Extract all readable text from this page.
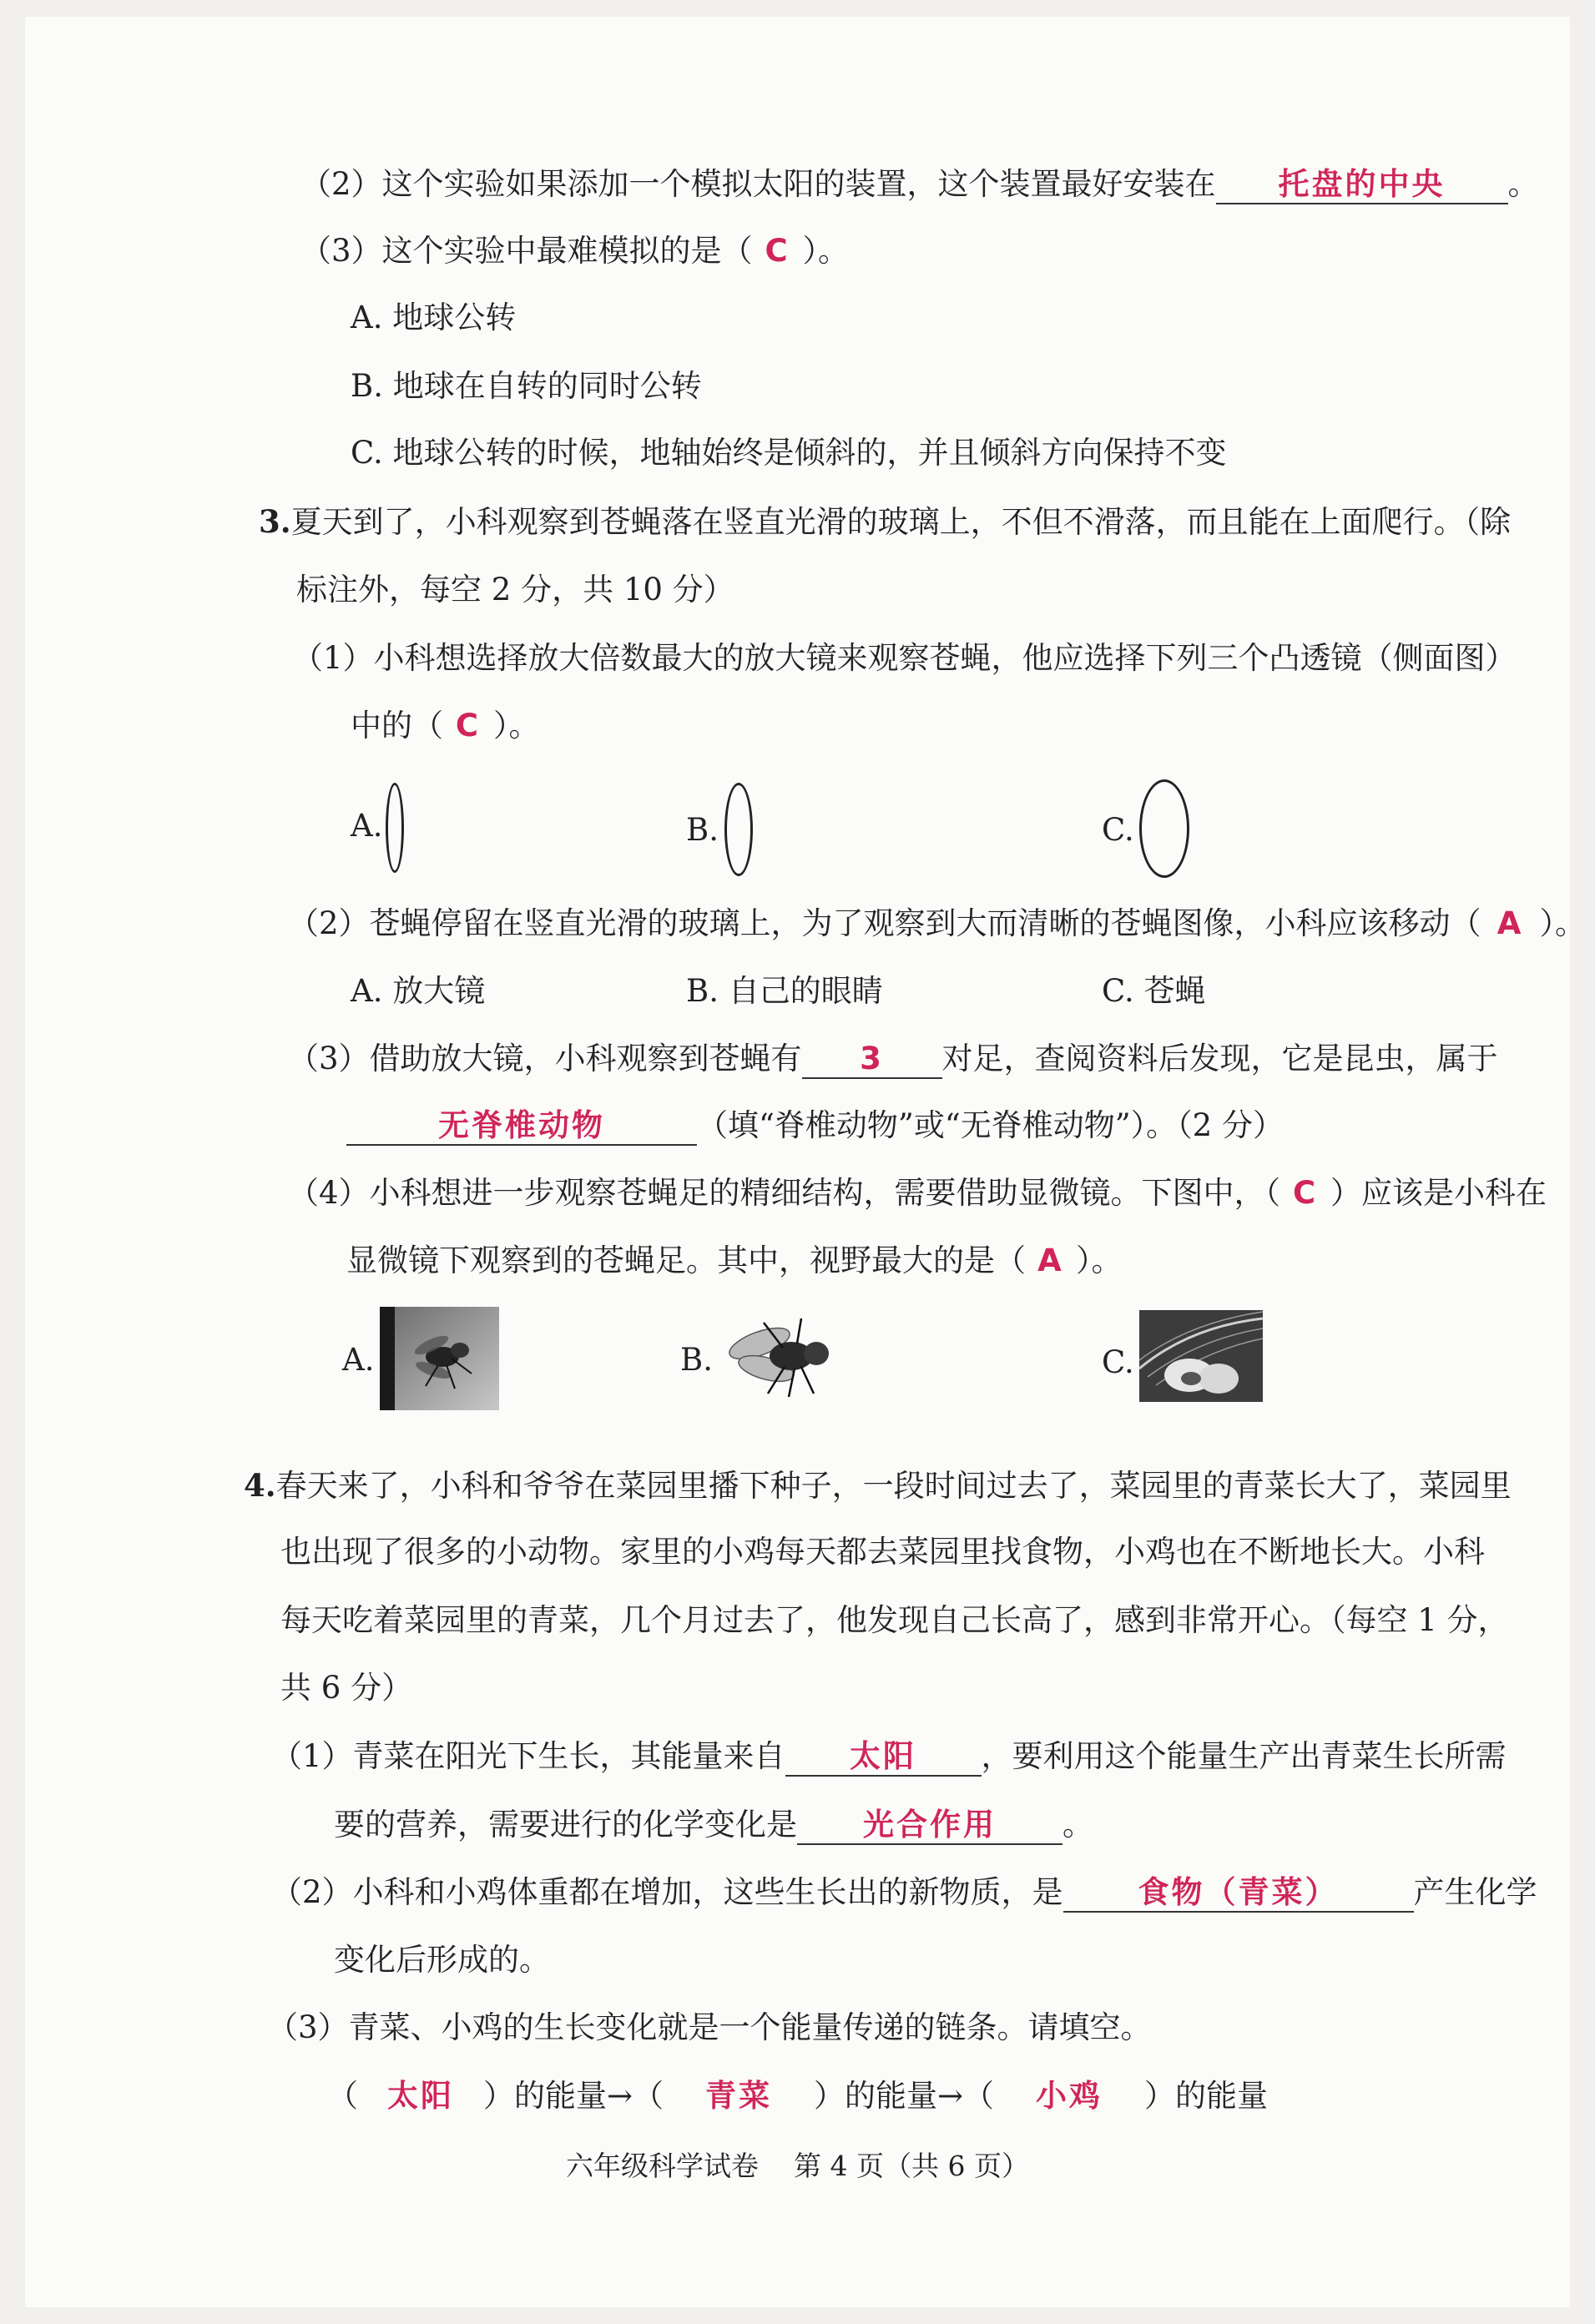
（2）这个实验如果添加一个模拟太阳的装置，这个装置最好安装在 托盘的中央 。
（3）这个实验中最难模拟的是（ C ）。
A. 地球公转
B. 地球在自转的同时公转
C. 地球公转的时候，地轴始终是倾斜的，并且倾斜方向保持不变
3.夏天到了，小科观察到苍蝇落在竖直光滑的玻璃上，不但不滑落，而且能在上面爬行。（除
标注外，每空 2 分，共 10 分）
（1）小科想选择放大倍数最大的放大镜来观察苍蝇，他应选择下列三个凸透镜（侧面图）
中的（ C ）。
A.	B.	C.
（2）苍蝇停留在竖直光滑的玻璃上，为了观察到大而清晰的苍蝇图像，小科应该移动（ A ）。
A. 放大镜	B. 自己的眼睛	C. 苍蝇
（3）借助放大镜，小科观察到苍蝇有 3 对足，查阅资料后发现，它是昆虫，属于
无脊椎动物	（填“脊椎动物”或“无脊椎动物”）。（2 分）
（4）小科想进一步观察苍蝇足的精细结构，需要借助显微镜。下图中，（ C ）应该是小科在
显微镜下观察到的苍蝇足。其中，视野最大的是（ A ）。
A.	B.	C.
4.春天来了，小科和爷爷在菜园里播下种子，一段时间过去了，菜园里的青菜长大了，菜园里
也出现了很多的小动物。家里的小鸡每天都去菜园里找食物，小鸡也在不断地长大。小科
每天吃着菜园里的青菜，几个月过去了，他发现自己长高了，感到非常开心。（每空 1 分，
共 6 分）
（1）青菜在阳光下生长，其能量来自 太阳 ，要利用这个能量生产出青菜生长所需
要的营养，需要进行的化学变化是 光合作用 。
（2）小科和小鸡体重都在增加，这些生长出的新物质，是 食物（青菜） 产生化学
变化后形成的。
（3）青菜、小鸡的生长变化就是一个能量传递的链条。请填空。
（ 太阳 ）的能量→（ 青菜 ）的能量→（ 小鸡 ）的能量
六年级科学试卷    第 4 页（共 6 页）
